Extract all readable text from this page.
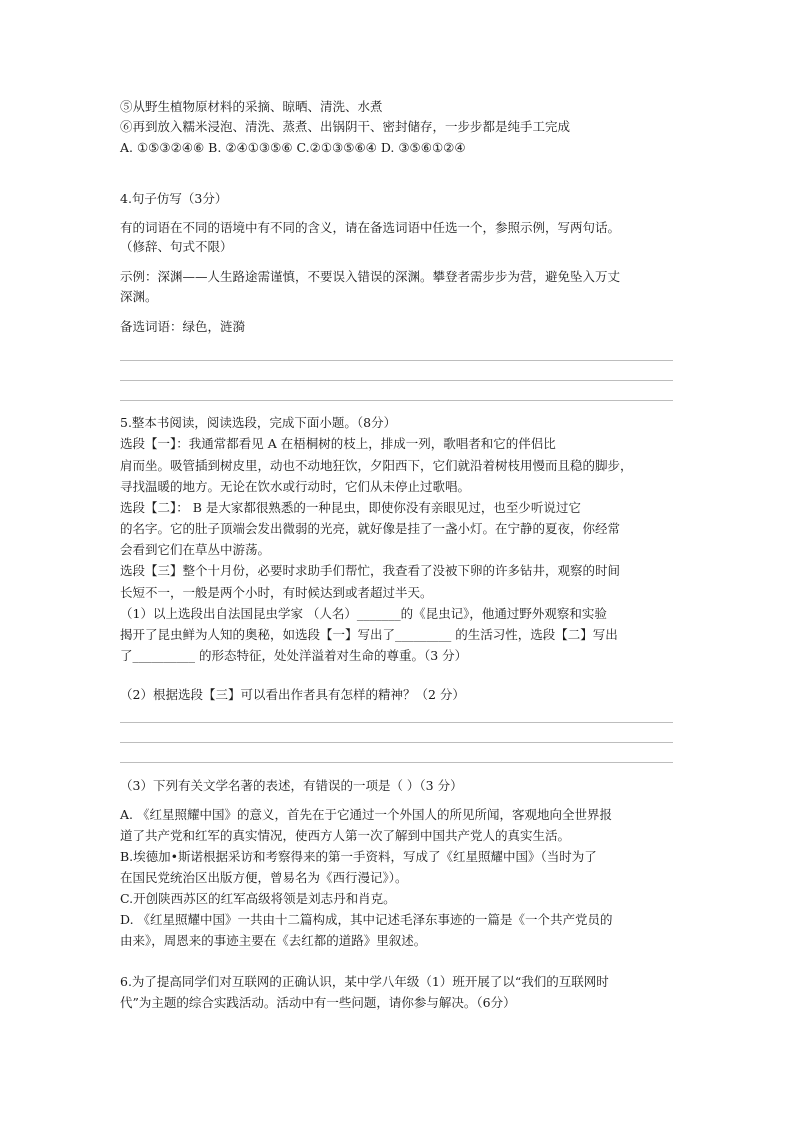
⑤从野生植物原材料的采摘、晾晒、清洗、水煮
⑥再到放入糯米浸泡、清洗、蒸煮、出锅阴干、密封储存，一步步都是纯手工完成
A. ①⑤③②④⑥ B. ②④①③⑤⑥ C.②①③⑤⑥④ D. ③⑤⑥①②④
4.句子仿写（3分）
有的词语在不同的语境中有不同的含义，请在备选词语中任选一个，参照示例，写两句话。
（修辞、句式不限）
示例：深渊——人生路途需谨慎，不要误入错误的深渊。攀登者需步步为营，避免坠入万丈
深渊。
备选词语：绿色，涟漪
5.整本书阅读，阅读选段，完成下面小题。（8分）
选段【一】：我通常都看见 A 在梧桐树的枝上，排成一列，歌唱者和它的伴侣比
肩而坐。吸管插到树皮里，动也不动地狂饮，夕阳西下，它们就沿着树枝用慢而且稳的脚步，
寻找温暖的地方。无论在饮水或行动时，它们从未停止过歌唱。
选段【二】： B 是大家都很熟悉的一种昆虫，即使你没有亲眼见过，也至少听说过它
的名字。它的肚子顶端会发出微弱的光亮，就好像是挂了一盏小灯。在宁静的夏夜，你经常
会看到它们在草丛中游荡。
选段【三】整个十月份，必要时求助手们帮忙，我查看了没被下卵的许多钻井，观察的时间
长短不一，一般是两个小时，有时候达到或者超过半天。
（1）以上选段出自法国昆虫学家 （人名）_______的《昆虫记》，他通过野外观察和实验
揭开了昆虫鲜为人知的奥秘，如选段【一】写出了_________ 的生活习性，选段【二】写出
了__________ 的形态特征，处处洋溢着对生命的尊重。（3 分）
（2）根据选段【三】可以看出作者具有怎样的精神？（2 分）
（3）下列有关文学名著的表述，有错误的一项是（ ）（3 分）
A. 《红星照耀中国》的意义，首先在于它通过一个外国人的所见所闻，客观地向全世界报
道了共产党和红军的真实情况，使西方人第一次了解到中国共产党人的真实生活。
B.埃德加•斯诺根据采访和考察得来的第一手资料，写成了《红星照耀中国》（当时为了
在国民党统治区出版方便，曾易名为《西行漫记》）。
C.开创陕西苏区的红军高级将领是刘志丹和肖克。
D. 《红星照耀中国》一共由十二篇构成，其中记述毛泽东事迹的一篇是《一个共产党员的
由来》，周恩来的事迹主要在《去红都的道路》里叙述。
6.为了提高同学们对互联网的正确认识，某中学八年级（1）班开展了以“我们的互联网时
代”为主题的综合实践活动。活动中有一些问题，请你参与解决。（6分）
